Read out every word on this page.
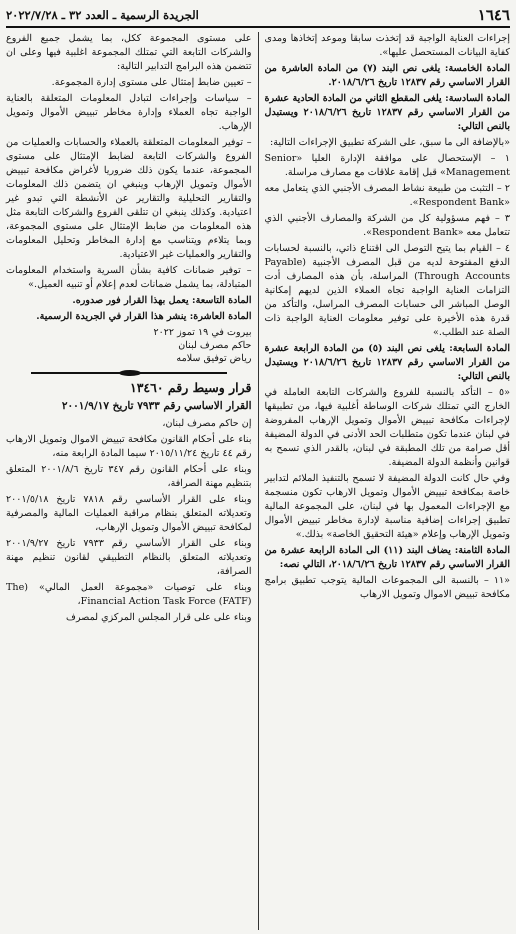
١٦٤٦
الجريدة الرسمية ـ العدد ٣٢ ـ ٢٠٢٢/٧/٢٨

إجراءات العناية الواجبة قد إتخذت سابقا وموعد إتخاذها ومدى كفاية البيانات المستحصل عليها».

المادة الخامسة: يلغى نص البند (٧) من المادة العاشرة من القرار الاساسي رقم ١٢٨٣٧ تاريخ ٢٠١٨/٦/٢٦.

المادة السادسة: يلغى المقطع الثاني من المادة الحادية عشرة من القرار الاساسي رقم ١٢٨٣٧ تاريخ ٢٠١٨/٦/٢٦ ويستبدل بالنص التالي:

«بالإضافة الى ما سبق، على الشركة تطبيق الإجراءات التالية:

١ – الإستحصال على موافقة الإدارة العليا «Senior Management» قبل إقامة علاقات مع مصارف مراسلة.

٢ – التثبت من طبيعة نشاط المصرف الأجنبي الذي يتعامل معه «Respondent Bank».

٣ – فهم مسؤولية كل من الشركة والمصارف الأجنبي الذي تتعامل معه «Respondent Bank».

٤ – القيام بما يتيح التوصل الى اقتناع ذاتي، بالنسبة لحسابات الدفع المفتوحة لديه من قبل المصرف الأجنبية (Payable Through Accounts) المراسلة، بأن هذه المصارف أدت التزامات العناية الواجبة تجاه العملاء الذين لديهم إمكانية الوصل المباشر الى حسابات المصرف المراسل، والتأكد من قدرة هذه الأخيرة على توفير معلومات العناية الواجبة ذات الصلة عند الطلب.»

المادة السابعة: يلغى نص البند (٥) من المادة الرابعة عشرة من القرار الاساسي رقم ١٢٨٣٧ تاريخ ٢٠١٨/٦/٢٦ ويستبدل بالنص التالي:

«٥ – التأكد بالنسبة للفروع والشركات التابعة العاملة في الخارج التي تمتلك شركات الوساطة أغلبية فيها، من تطبيقها لإجراءات مكافحة تبييض الأموال وتمويل الإرهاب المفروضة في لبنان عندما تكون متطلبات الحد الأدنى في الدولة المضيفة أقل صرامة من تلك المطبقة في لبنان، بالقدر الذي تسمح به قوانين وأنظمة الدولة المضيفة.

وفي حال كانت الدولة المضيفة لا تسمح بالتنفيذ الملائم لتدابير خاصة بمكافحة تبييض الأموال وتمويل الارهاب تكون منسجمة مع الإجراءات المعمول بها في لبنان، على المجموعة المالية تطبيق إجراءات إضافية مناسبة لإدارة مخاطر تبييض الأموال وتمويل الإرهاب وإعلام «هيئة التحقيق الخاصة» بذلك.»

المادة الثامنة: يضاف البند (١١) الى المادة الرابعة عشرة من القرار الاساسي رقم ١٢٨٣٧ تاريخ ٢٠١٨/٦/٢٦، التالي نصه:

«١١ – بالنسبة الى المجموعات المالية يتوجب تطبيق برامج مكافحة تبييض الاموال وتمويل الارهاب

على مستوى المجموعة ككل، بما يشمل جميع الفروع والشركات التابعة التي تمتلك المجموعة اغلبية فيها وعلى ان تتضمن هذه البرامج التدابير التالية:

– تعيين ضابط إمتثال على مستوى إدارة المجموعة.

– سياسات وإجراءات لتبادل المعلومات المتعلقة بالعناية الواجبة تجاه العملاء وإدارة مخاطر تبييض الأموال وتمويل الإرهاب.

– توفير المعلومات المتعلقة بالعملاء والحسابات والعمليات من الفروع والشركات التابعة لضابط الإمتثال على مستوى المجموعة، عندما يكون ذلك ضروريا لأغراض مكافحة تبييض الأموال وتمويل الإرهاب وينبغي ان يتضمن ذلك المعلومات والتقارير التحليلية والتقارير عن الأنشطة التي تبدو غير اعتيادية. وكذلك ينبغي ان تتلقى الفروع والشركات التابعة مثل هذه المعلومات من ضابط الإمتثال على مستوى المجموعة، وبما يتلاءم ويتناسب مع إدارة المخاطر وتحليل المعلومات والتقارير والعمليات غير الاعتيادية.

– توفير ضمانات كافية بشأن السرية واستخدام المعلومات المتبادلة، بما يشمل ضمانات لعدم إعلام أو تنبيه العميل.»

المادة التاسعة: يعمل بهذا القرار فور صدوره.

المادة العاشرة: ينشر هذا القرار في الجريدة الرسمية.

بيروت في ١٩ تموز ٢٠٢٢

حاكم مصرف لبنان

رياض توفيق سلامه

قرار وسيط رقم ١٣٤٦٠
القرار الاساسي رقم ٧٩٣٣ تاريخ ٢٠٠١/٩/١٧

إن حاكم مصرف لبنان،

بناء على أحكام القانون مكافحة تبييض الاموال وتمويل الارهاب رقم ٤٤ تاريخ ٢٠١٥/١١/٢٤ سيما المادة الرابعة منه،

وبناء على أحكام القانون رقم ٣٤٧ تاريخ ٢٠٠١/٨/٦ المتعلق بتنظيم مهنة الصرافة،

وبناء على القرار الأساسي رقم ٧٨١٨ تاريخ ٢٠٠١/٥/١٨ وتعديلاته المتعلق بنظام مراقبة العمليات المالية والمصرفية لمكافحة تبييض الأموال وتمويل الإرهاب،

وبناء على القرار الأساسي رقم ٧٩٣٣ تاريخ ٢٠٠١/٩/٢٧ وتعديلاته المتعلق بالنظام التطبيقي لقانون تنظيم مهنة الصرافة،

وبناء على توصيات «مجموعة العمل المالي» (The Financial Action Task Force (FATF)،

وبناء على على قرار المجلس المركزي لمصرف
